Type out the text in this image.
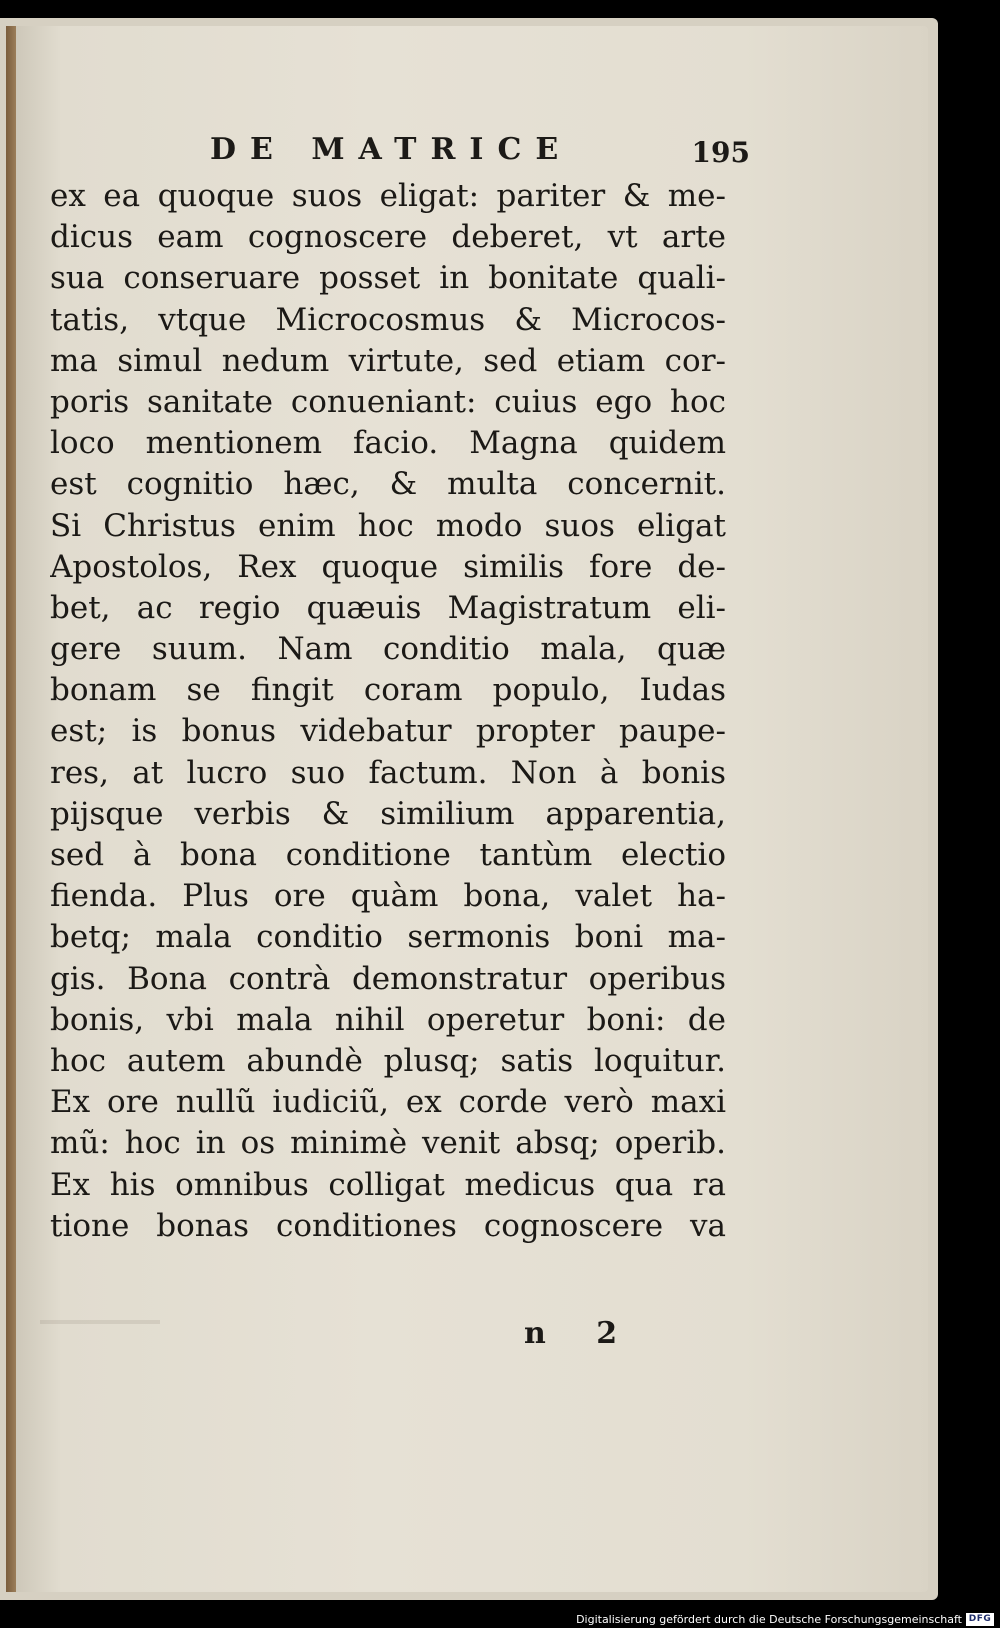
DE MATRICE	195
ex ea quoque suos eligat: pariter & me-
dicus eam cognoscere deberet, vt arte
sua conseruare posset in bonitate quali-
tatis, vtque Microcosmus & Microcos-
ma simul nedum virtute, sed etiam cor-
poris sanitate conueniant: cuius ego hoc
loco mentionem facio. Magna quidem
est cognitio hæc, & multa concernit.
Si Christus enim hoc modo suos eligat
Apostolos, Rex quoque similis fore de-
bet, ac regio quæuis Magistratum eli-
gere suum. Nam conditio mala, quæ
bonam se fingit coram populo, Iudas
est; is bonus videbatur propter paupe-
res, at lucro suo factum. Non à bonis
pijsque verbis & similium apparentia,
sed à bona conditione tantùm electio
fienda. Plus ore quàm bona, valet ha-
betq; mala conditio sermonis boni ma-
gis. Bona contrà demonstratur operibus
bonis, vbi mala nihil operetur boni: de
hoc autem abundè plusq; satis loquitur.
Ex ore nullũ iudiciũ, ex corde verò maxi
mũ: hoc in os minimè venit absq; operib.
Ex his omnibus colligat medicus qua ra
tione bonas conditiones cognoscere va
n 2
Digitalisierung gefördert durch die Deutsche Forschungsgemeinschaft DFG
